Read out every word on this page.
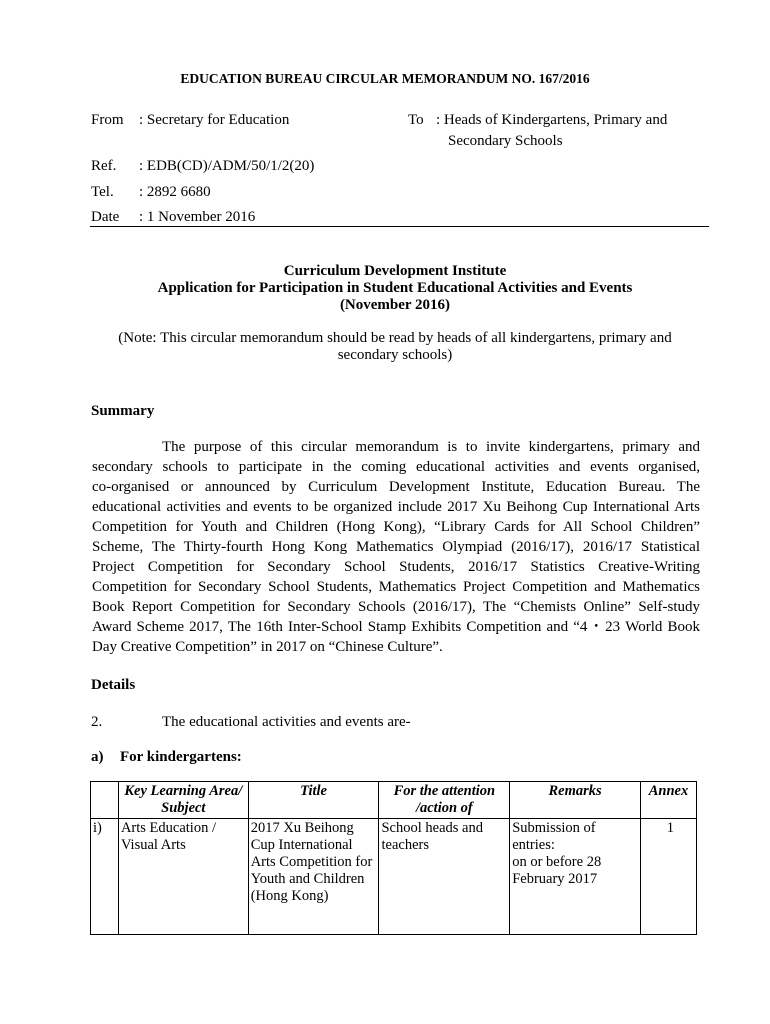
EDUCATION BUREAU CIRCULAR MEMORANDUM NO. 167/2016
From : Secretary for Education	To : Heads of Kindergartens, Primary and
Secondary Schools
Ref. : EDB(CD)/ADM/50/1/2(20)
Tel. : 2892 6680
Date : 1 November 2016
Curriculum Development Institute
Application for Participation in Student Educational Activities and Events
(November 2016)
(Note: This circular memorandum should be read by heads of all kindergartens, primary and
secondary schools)
Summary
The purpose of this circular memorandum is to invite kindergartens, primary and
secondary schools to participate in the coming educational activities and events organised,
co-organised or announced by Curriculum Development Institute, Education Bureau. The
educational activities and events to be organized include 2017 Xu Beihong Cup International Arts
Competition for Youth and Children (Hong Kong), “Library Cards for All School Children”
Scheme, The Thirty-fourth Hong Kong Mathematics Olympiad (2016/17), 2016/17 Statistical
Project Competition for Secondary School Students, 2016/17 Statistics Creative-Writing
Competition for Secondary School Students, Mathematics Project Competition and Mathematics
Book Report Competition for Secondary Schools (2016/17), The “Chemists Online” Self-study
Award Scheme 2017, The 16th Inter-School Stamp Exhibits Competition and “4・23 World Book
Day Creative Competition” in 2017 on “Chinese Culture”.
Details
2.	The educational activities and events are-
a) For kindergartens:
	Key Learning Area/ Subject	Title	For the attention /action of	Remarks	Annex
i)	Arts Education / Visual Arts	2017 Xu Beihong Cup International Arts Competition for Youth and Children (Hong Kong)	School heads and teachers	Submission of entries:
on or before 28 February 2017	1
